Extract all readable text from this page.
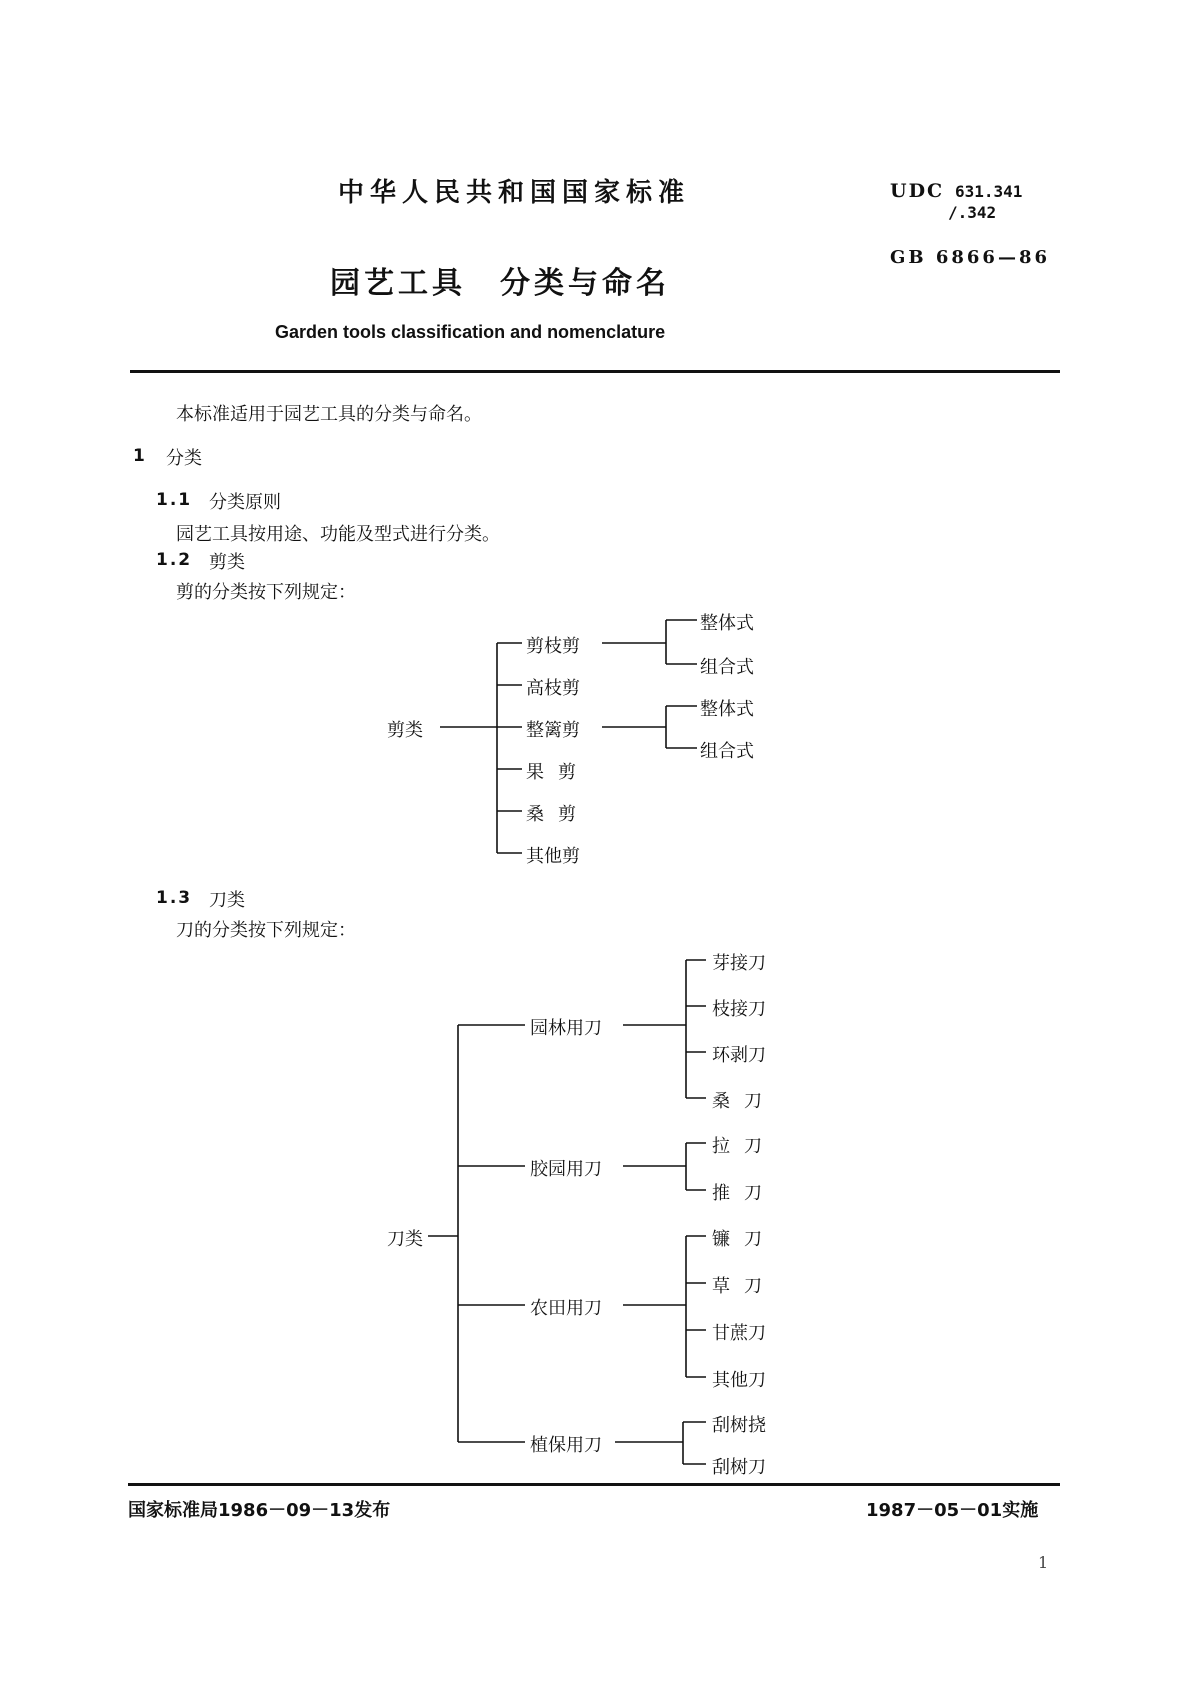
中华人民共和国国家标准	UDC 631.341
/.342
GB 6866—86
园艺工具　分类与命名
Garden tools classification and nomenclature
本标准适用于园艺工具的分类与命名。
1 分类
1.1 分类原则
园艺工具按用途、功能及型式进行分类。
1.2 剪类
剪的分类按下列规定：
剪类
剪枝剪
高枝剪
整篱剪
果剪
桑剪
其他剪
整体式
组合式
整体式
组合式
1.3 刀类
刀的分类按下列规定：
刀类
园林用刀
胶园用刀
农田用刀
植保用刀
芽接刀
枝接刀
环剥刀
桑刀
拉刀
推刀
镰刀
草刀
甘蔗刀
其他刀
刮树挠
刮树刀
国家标准局1986－09－13发布	1987－05－01实施
1
